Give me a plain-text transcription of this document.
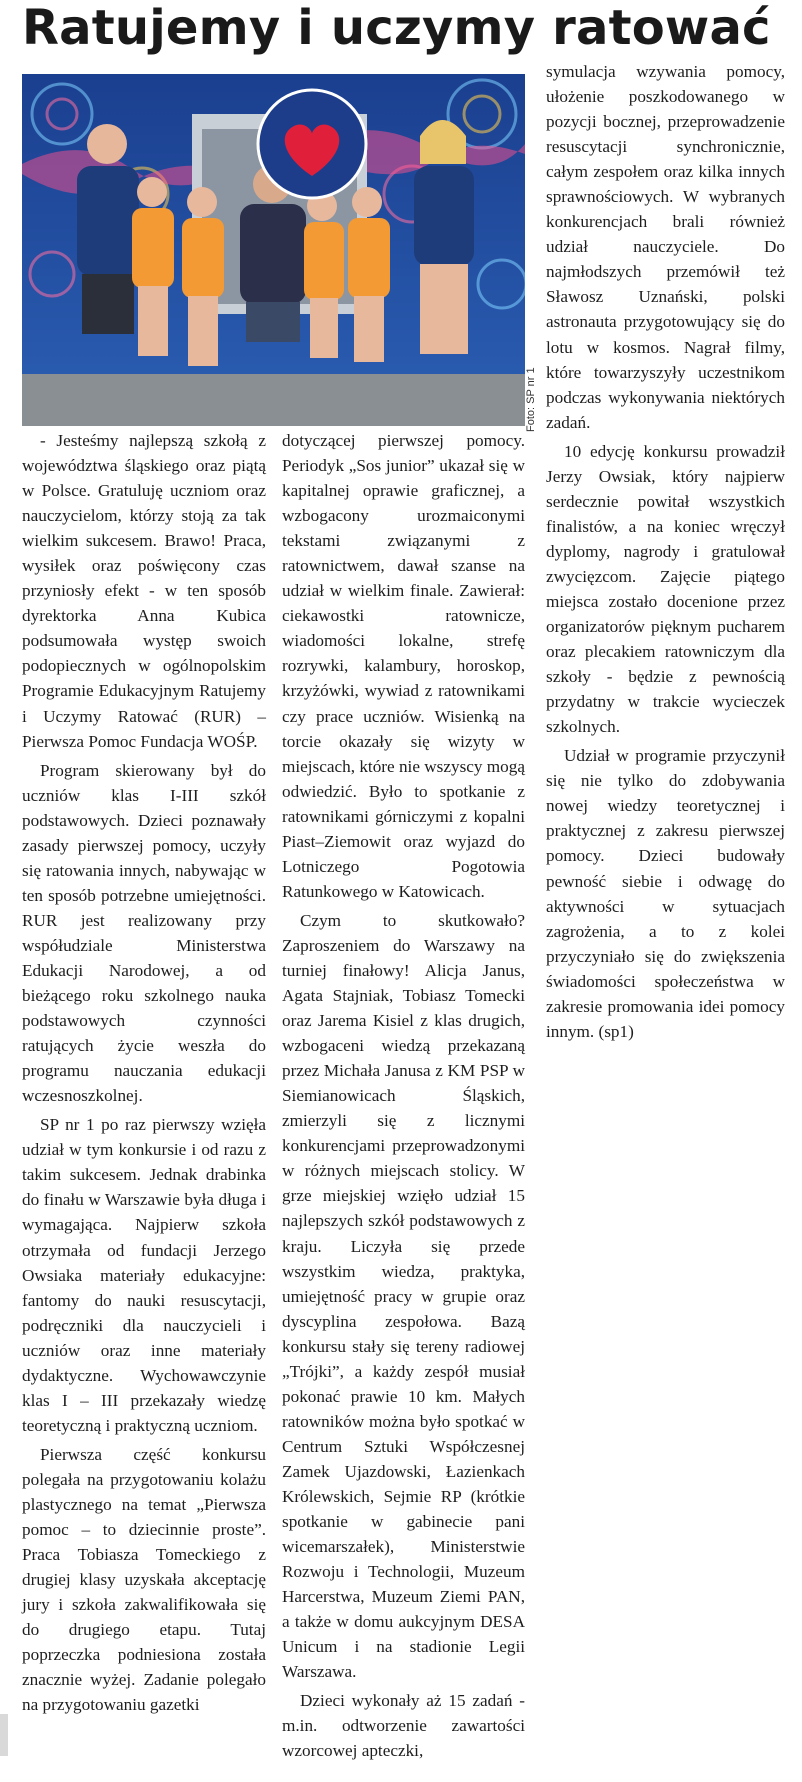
Ratujemy i uczymy ratować
Foto: SP nr 1

- Jesteśmy najlepszą szkołą z województwa śląskiego oraz piątą w Polsce. Gratuluję uczniom oraz nauczycielom, którzy stoją za tak wielkim sukcesem. Brawo! Praca, wysiłek oraz poświęcony czas przyniosły efekt - w ten sposób dyrektorka Anna Kubica podsumowała występ swoich podopiecznych w ogólnopolskim Programie Edukacyjnym Ratujemy i Uczymy Ratować (RUR) – Pierwsza Pomoc Fundacja WOŚP.

Program skierowany był do uczniów klas I-III szkół podstawowych. Dzieci poznawały zasady pierwszej pomocy, uczyły się ratowania innych, nabywając w ten sposób potrzebne umiejętności. RUR jest realizowany przy współudziale Ministerstwa Edukacji Narodowej, a od bieżącego roku szkolnego nauka podstawowych czynności ratujących życie weszła do programu nauczania edukacji wczesnoszkolnej.

SP nr 1 po raz pierwszy wzięła udział w tym konkursie i od razu z takim sukcesem. Jednak drabinka do finału w Warszawie była długa i wymagająca. Najpierw szkoła otrzymała od fundacji Jerzego Owsiaka materiały edukacyjne: fantomy do nauki resuscytacji, podręczniki dla nauczycieli i uczniów oraz inne materiały dydaktyczne. Wychowawczynie klas I – III przekazały wiedzę teoretyczną i praktyczną uczniom.

Pierwsza część konkursu polegała na przygotowaniu kolażu plastycznego na temat „Pierwsza pomoc – to dziecinnie proste”. Praca Tobiasza Tomeckiego z drugiej klasy uzyskała akceptację jury i szkoła zakwalifikowała się do drugiego etapu. Tutaj poprzeczka podniesiona została znacznie wyżej. Zadanie polegało na przygotowaniu gazetki

dotyczącej pierwszej pomocy. Periodyk „Sos junior” ukazał się w kapitalnej oprawie graficznej, a wzbogacony urozmaiconymi tekstami związanymi z ratownictwem, dawał szanse na udział w wielkim finale. Zawierał: ciekawostki ratownicze, wiadomości lokalne, strefę rozrywki, kalambury, horoskop, krzyżówki, wywiad z ratownikami czy prace uczniów. Wisienką na torcie okazały się wizyty w miejscach, które nie wszyscy mogą odwiedzić. Było to spotkanie z ratownikami górniczymi z kopalni Piast–Ziemowit oraz wyjazd do Lotniczego Pogotowia Ratunkowego w Katowicach.

Czym to skutkowało? Zaproszeniem do Warszawy na turniej finałowy! Alicja Janus, Agata Stajniak, Tobiasz Tomecki oraz Jarema Kisiel z klas drugich, wzbogaceni wiedzą przekazaną przez Michała Janusa z KM PSP w Siemianowicach Śląskich, zmierzyli się z licznymi konkurencjami przeprowadzonymi w różnych miejscach stolicy. W grze miejskiej wzięło udział 15 najlepszych szkół podstawowych z kraju. Liczyła się przede wszystkim wiedza, praktyka, umiejętność pracy w grupie oraz dyscyplina zespołowa. Bazą konkursu stały się tereny radiowej „Trójki”, a każdy zespół musiał pokonać prawie 10 km. Małych ratowników można było spotkać w Centrum Sztuki Współczesnej Zamek Ujazdowski, Łazienkach Królewskich, Sejmie RP (krótkie spotkanie w gabinecie pani wicemarszałek), Ministerstwie Rozwoju i Technologii, Muzeum Harcerstwa, Muzeum Ziemi PAN, a także w domu aukcyjnym DESA Unicum i na stadionie Legii Warszawa.

Dzieci wykonały aż 15 zadań - m.in. odtworzenie zawartości wzorcowej apteczki,

symulacja wzywania pomocy, ułożenie poszkodowanego w pozycji bocznej, przeprowadzenie resuscytacji synchronicznie, całym zespołem oraz kilka innych sprawnościowych. W wybranych konkurencjach brali również udział nauczyciele. Do najmłodszych przemówił też Sławosz Uznański, polski astronauta przygotowujący się do lotu w kosmos. Nagrał filmy, które towarzyszyły uczestnikom podczas wykonywania niektórych zadań.

10 edycję konkursu prowadził Jerzy Owsiak, który najpierw serdecznie powitał wszystkich finalistów, a na koniec wręczył dyplomy, nagrody i gratulował zwycięzcom. Zajęcie piątego miejsca zostało docenione przez organizatorów pięknym pucharem oraz plecakiem ratowniczym dla szkoły - będzie z pewnością przydatny w trakcie wycieczek szkolnych.

Udział w programie przyczynił się nie tylko do zdobywania nowej wiedzy teoretycznej i praktycznej z zakresu pierwszej pomocy. Dzieci budowały pewność siebie i odwagę do aktywności w sytuacjach zagrożenia, a to z kolei przyczyniało się do zwiększenia świadomości społeczeństwa w zakresie promowania idei pomocy innym. (sp1)
